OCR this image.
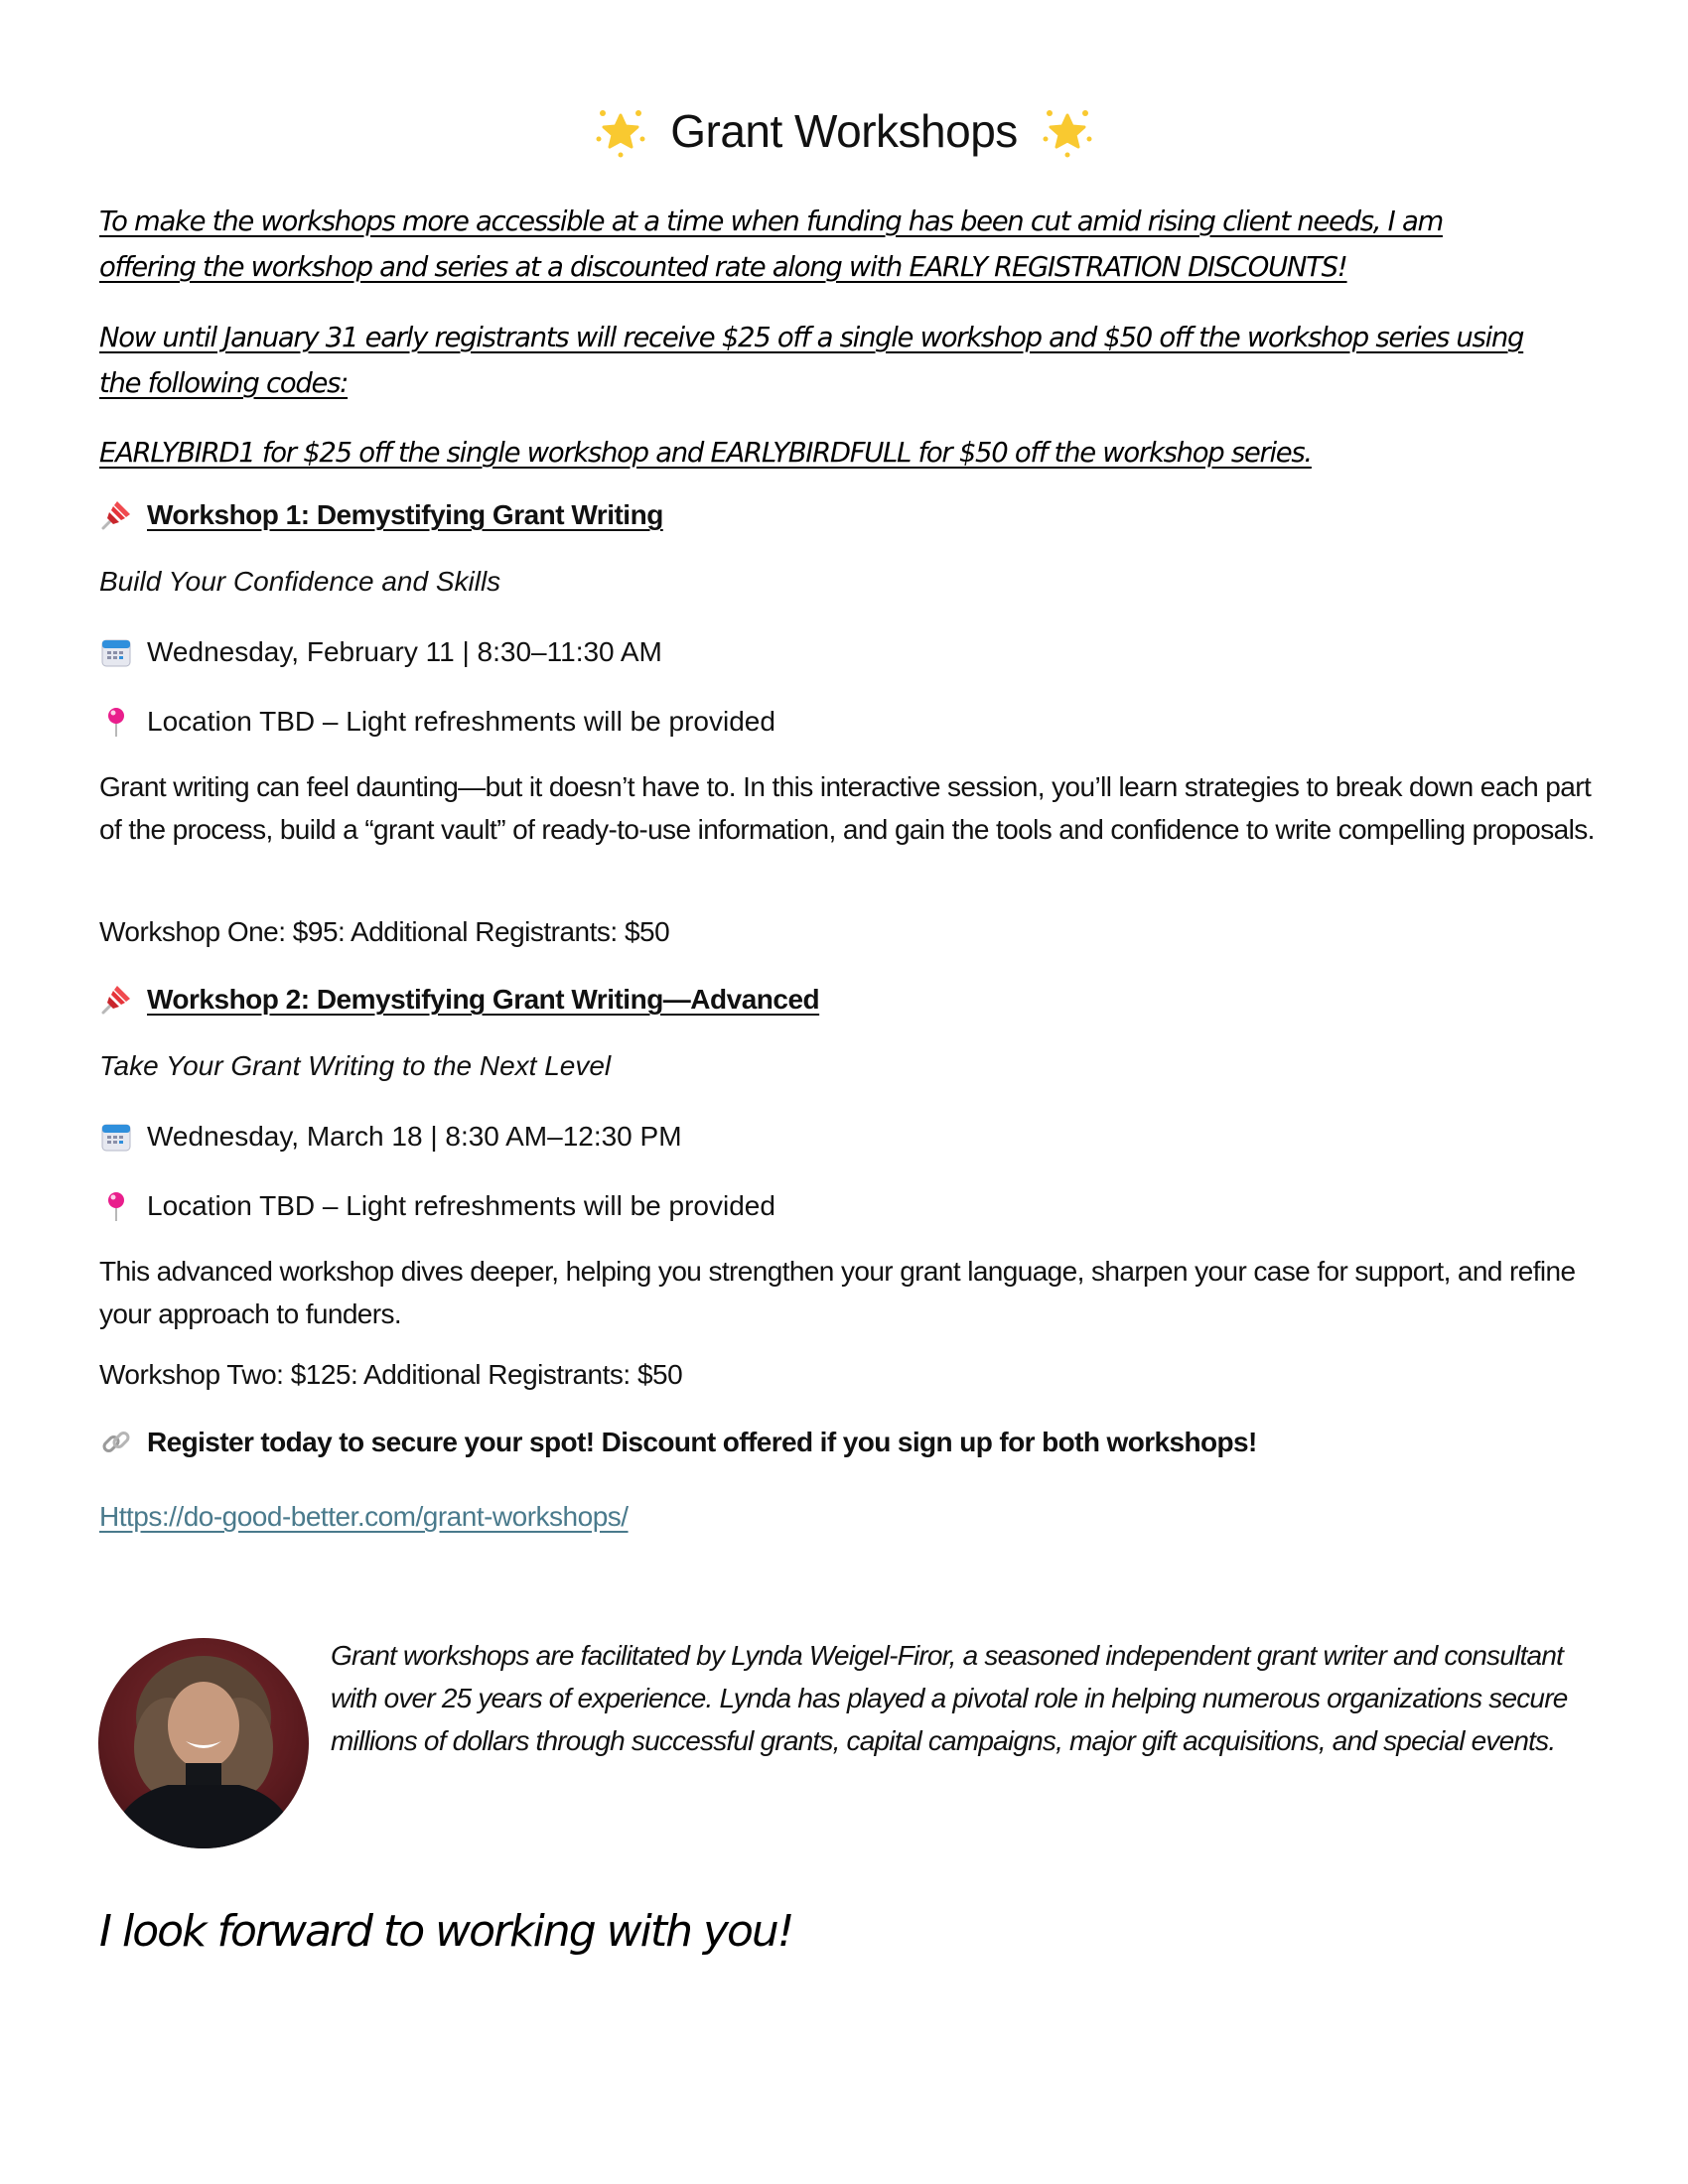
Grant Workshops
To make the workshops more accessible at a time when funding has been cut amid rising client needs, I am offering the workshop and series at a discounted rate along with EARLY REGISTRATION DISCOUNTS!
Now until January 31 early registrants will receive $25 off a single workshop and $50 off the workshop series using the following codes:
EARLYBIRD1 for $25 off the single workshop and EARLYBIRDFULL for $50 off the workshop series.
Workshop 1: Demystifying Grant Writing
Build Your Confidence and Skills
Wednesday, February 11 | 8:30–11:30 AM
Location TBD – Light refreshments will be provided
Grant writing can feel daunting—but it doesn’t have to. In this interactive session, you’ll learn strategies to break down each part of the process, build a “grant vault” of ready-to-use information, and gain the tools and confidence to write compelling proposals.
Workshop One: $95: Additional Registrants: $50
Workshop 2: Demystifying Grant Writing—Advanced
Take Your Grant Writing to the Next Level
Wednesday, March 18 | 8:30 AM–12:30 PM
Location TBD – Light refreshments will be provided
This advanced workshop dives deeper, helping you strengthen your grant language, sharpen your case for support, and refine your approach to funders.
Workshop Two: $125: Additional Registrants: $50
Register today to secure your spot! Discount offered if you sign up for both workshops!
Https://do-good-better.com/grant-workshops/
Grant workshops are facilitated by Lynda Weigel-Firor, a seasoned independent grant writer and consultant with over 25 years of experience. Lynda has played a pivotal role in helping numerous organizations secure millions of dollars through successful grants, capital campaigns, major gift acquisitions, and special events.
I look forward to working with you!
